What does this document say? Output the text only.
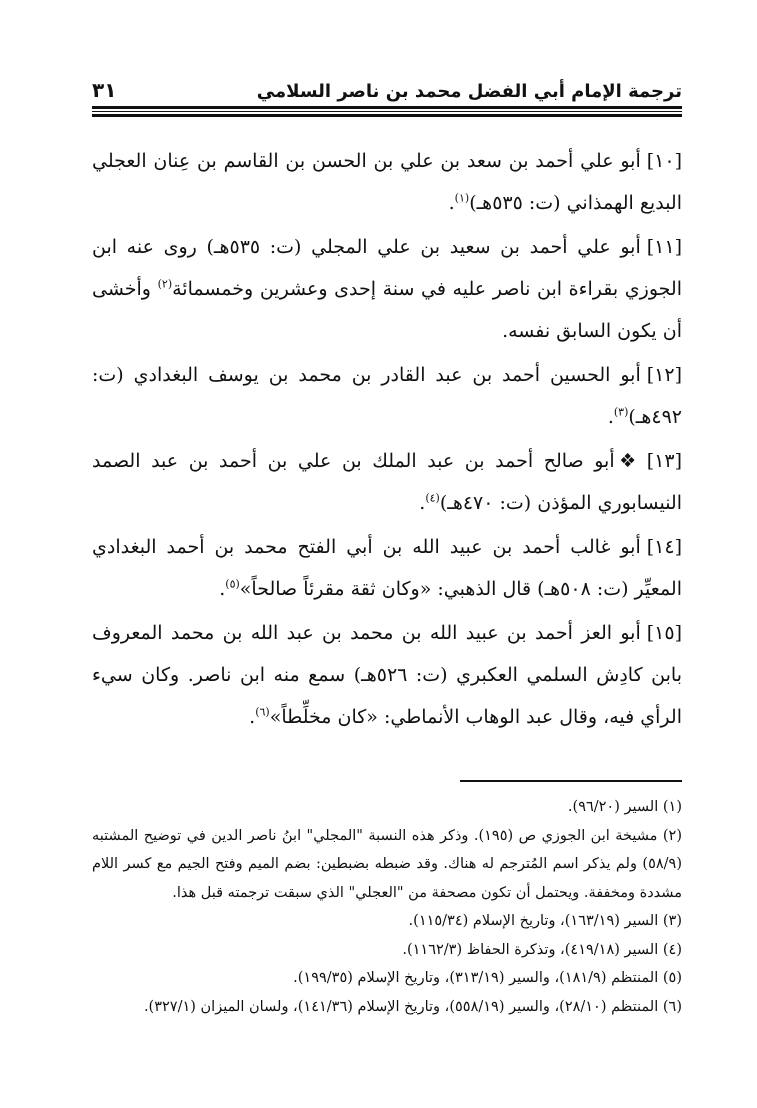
ترجمة الإمام أبي الفضل محمد بن ناصر السلامي
٣١

[١٠]أبو علي أحمد بن سعد بن علي بن الحسن بن القاسم بن عِنان العجلي البديع الهمذاني (ت: ٥٣٥هـ)$^{(١)}$.

[١١]أبو علي أحمد بن سعيد بن علي المجلي (ت: ٥٣٥هـ) روى عنه ابن الجوزي بقراءة ابن ناصر عليه في سنة إحدى وعشرين وخمسمائة$^{(٢)}$ وأخشى أن يكون السابق نفسه.

[١٢]أبو الحسين أحمد بن عبد القادر بن محمد بن يوسف البغدادي (ت: ٤٩٢هـ)$^{(٣)}$.

[١٣]❖أبو صالح أحمد بن عبد الملك بن علي بن أحمد بن عبد الصمد النيسابوري المؤذن (ت: ٤٧٠هـ)$^{(٤)}$.

[١٤]أبو غالب أحمد بن عبيد الله بن أبي الفتح محمد بن أحمد البغدادي المعيِّر (ت: ٥٠٨هـ) قال الذهبي: «وكان ثقة مقرئاً صالحاً»$^{(٥)}$.

[١٥]أبو العز أحمد بن عبيد الله بن محمد بن عبد الله بن محمد المعروف بابن كادِش السلمي العكبري (ت: ٥٢٦هـ) سمع منه ابن ناصر. وكان سيء الرأي فيه، وقال عبد الوهاب الأنماطي: «كان مخلِّطاً»$^{(٦)}$.

(١) السير (٩٦/٢٠).

(٢) مشيخة ابن الجوزي ص (١٩٥). وذكر هذه النسبة "المجلي" ابنُ ناصر الدين في توضيح المشتبه (٥٨/٩) ولم يذكر اسم المُترجم له هناك. وقد ضبطه بضبطين: بضم الميم وفتح الجيم مع كسر اللام مشددة ومخففة. ويحتمل أن تكون مصحفة من "العجلي" الذي سبقت ترجمته قبل هذا.

(٣) السير (١٦٣/١٩)، وتاريخ الإسلام (١١٥/٣٤).

(٤) السير (٤١٩/١٨)، وتذكرة الحفاظ (١١٦٢/٣).

(٥) المنتظم (١٨١/٩)، والسير (٣١٣/١٩)، وتاريخ الإسلام (١٩٩/٣٥).

(٦) المنتظم (٢٨/١٠)، والسير (٥٥٨/١٩)، وتاريخ الإسلام (١٤١/٣٦)، ولسان الميزان (٣٢٧/١).
